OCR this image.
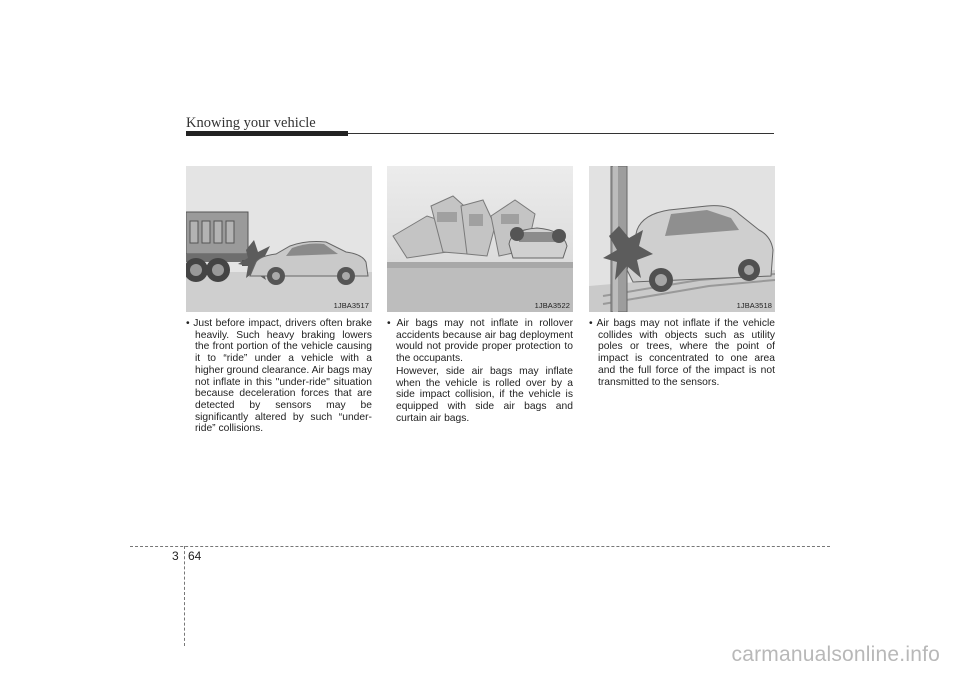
Knowing your vehicle
1JBA3517	1JBA3522	1JBA3518

• Just before impact, drivers often brake heavily. Such heavy braking lowers the front portion of the vehicle causing it to “ride” under a vehicle with a higher ground clearance. Air bags may not inflate in this "under-ride" situation because deceleration forces that are detected by sensors may be significantly altered by such “under-ride” collisions.

• Air bags may not inflate in rollover accidents because air bag deployment would not provide proper protection to the occupants.

However, side air bags may inflate when the vehicle is rolled over by a side impact collision, if the vehicle is equipped with side air bags and curtain air bags.

• Air bags may not inflate if the vehicle collides with objects such as utility poles or trees, where the point of impact is concentrated to one area and the full force of the impact is not transmitted to the sensors.

3 64
carmanualsonline.info
